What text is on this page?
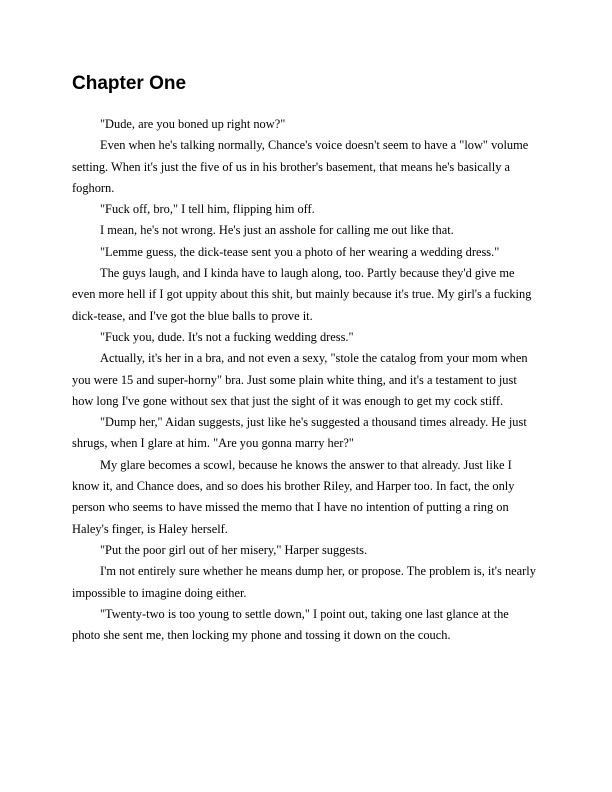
Chapter One

"Dude, are you boned up right now?"

Even when he's talking normally, Chance's voice doesn't seem to have a "low" volume setting. When it's just the five of us in his brother's basement, that means he's basically a foghorn.

"Fuck off, bro," I tell him, flipping him off.

I mean, he's not wrong. He's just an asshole for calling me out like that.

"Lemme guess, the dick-tease sent you a photo of her wearing a wedding dress."

The guys laugh, and I kinda have to laugh along, too. Partly because they'd give me even more hell if I got uppity about this shit, but mainly because it's true. My girl's a fucking dick-tease, and I've got the blue balls to prove it.

"Fuck you, dude. It's not a fucking wedding dress."

Actually, it's her in a bra, and not even a sexy, "stole the catalog from your mom when you were 15 and super-horny" bra. Just some plain white thing, and it's a testament to just how long I've gone without sex that just the sight of it was enough to get my cock stiff.

"Dump her," Aidan suggests, just like he's suggested a thousand times already. He just shrugs, when I glare at him. "Are you gonna marry her?"

My glare becomes a scowl, because he knows the answer to that already. Just like I know it, and Chance does, and so does his brother Riley, and Harper too. In fact, the only person who seems to have missed the memo that I have no intention of putting a ring on Haley's finger, is Haley herself.

"Put the poor girl out of her misery," Harper suggests.

I'm not entirely sure whether he means dump her, or propose. The problem is, it's nearly impossible to imagine doing either.

"Twenty-two is too young to settle down," I point out, taking one last glance at the photo she sent me, then locking my phone and tossing it down on the couch.
